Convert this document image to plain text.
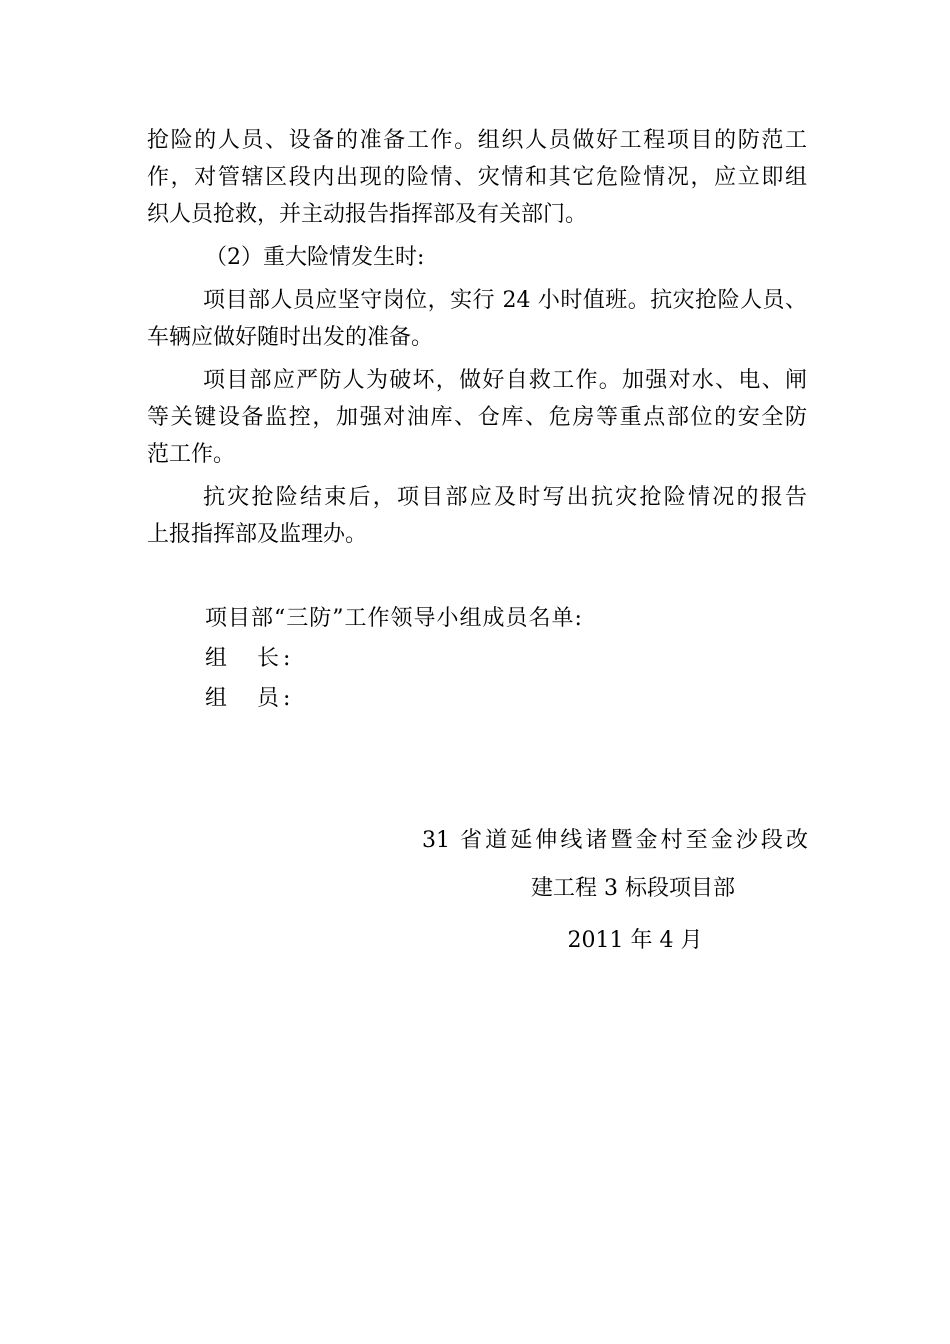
抢险的人员、设备的准备工作。组织人员做好工程项目的防范工
作，对管辖区段内出现的险情、灾情和其它危险情况，应立即组
织人员抢救，并主动报告指挥部及有关部门。
（2）重大险情发生时:
项目部人员应坚守岗位，实行 24 小时值班。抗灾抢险人员、
车辆应做好随时出发的准备。
项目部应严防人为破坏，做好自救工作。加强对水、电、闸
等关键设备监控，加强对油库、仓库、危房等重点部位的安全防
范工作。
抗灾抢险结束后，项目部应及时写出抗灾抢险情况的报告
上报指挥部及监理办。
项目部“三防”工作领导小组成员名单:
组　长:
组　员:
31 省道延伸线诸暨金村至金沙段改
建工程 3 标段项目部
2011 年 4 月
